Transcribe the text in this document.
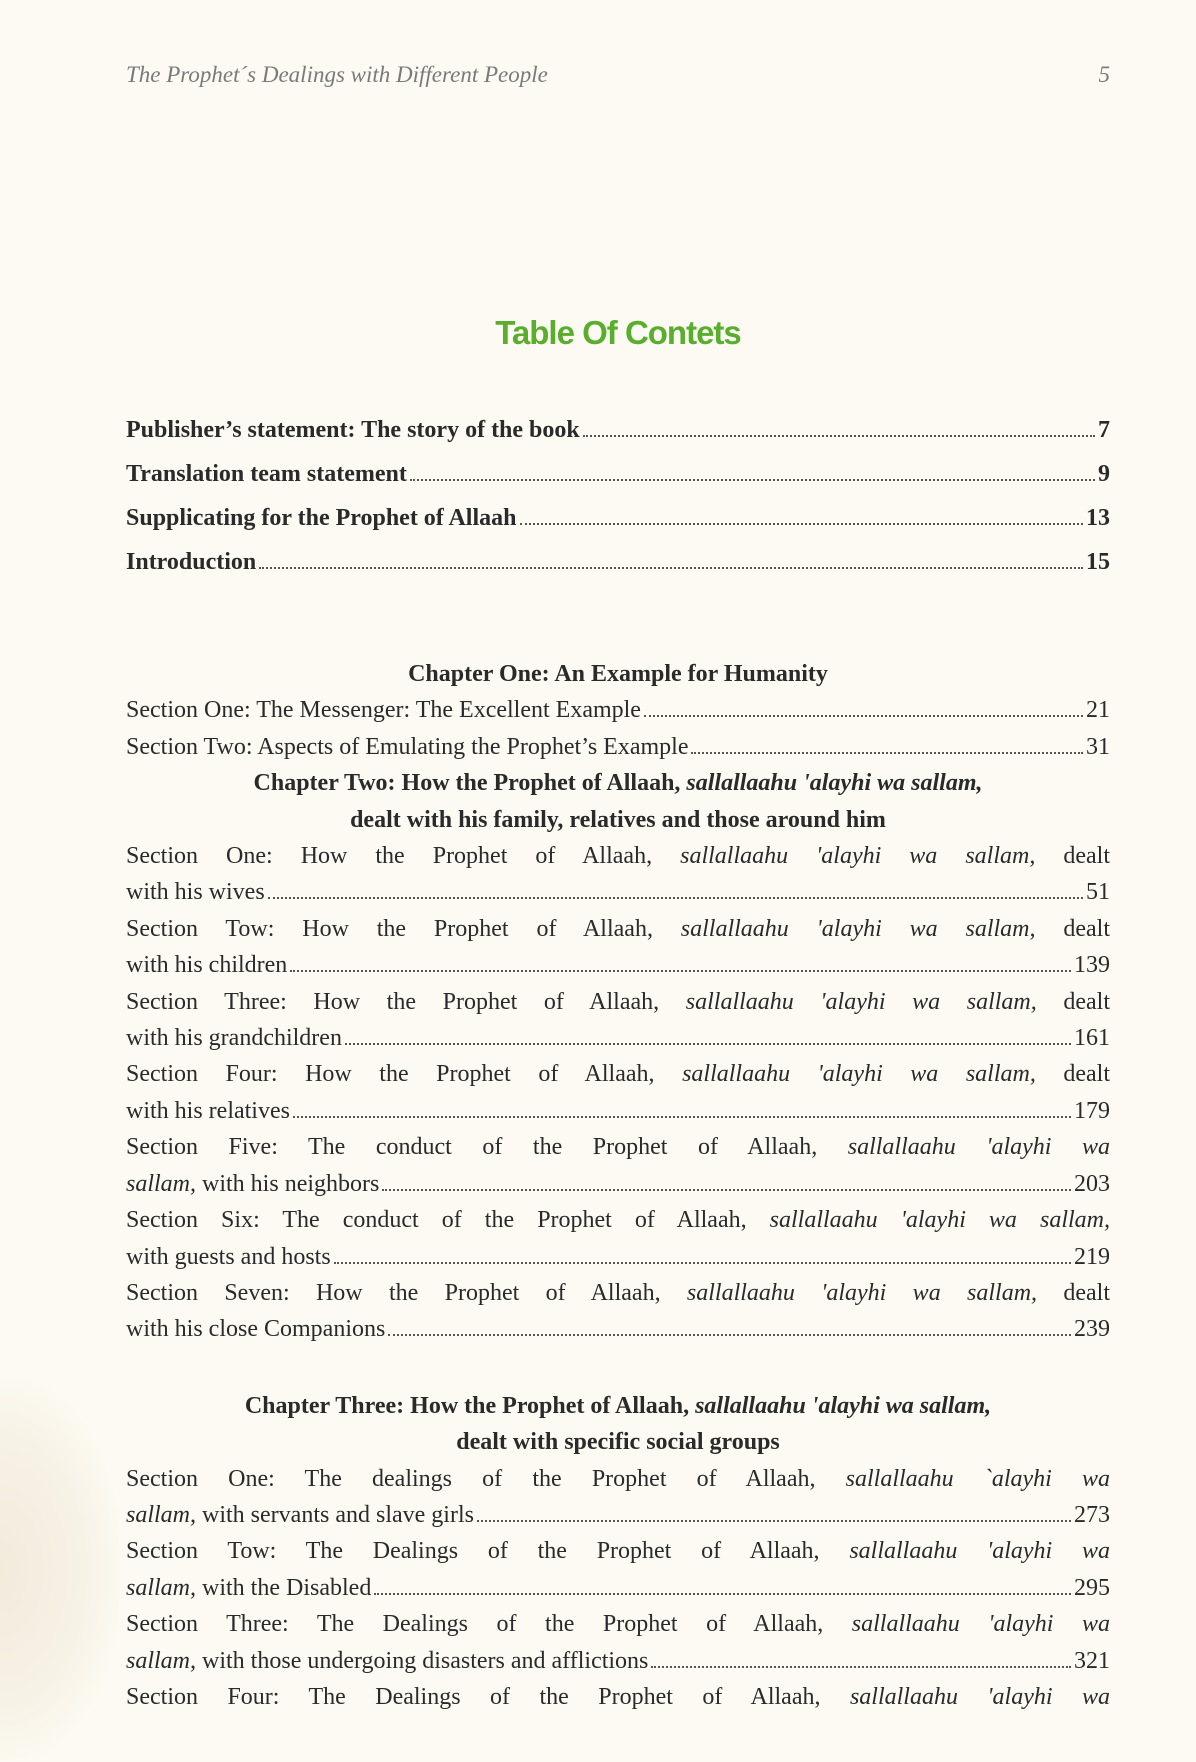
The Prophet´s Dealings with Different People	5
Table Of Contets
Publisher’s statement: The story of the book	7
Translation team statement	9
Supplicating for the Prophet of Allaah	13
Introduction	15
Chapter One: An Example for Humanity
Section One: The Messenger: The Excellent Example	21
Section Two: Aspects of Emulating the Prophet’s Example	31
Chapter Two: How the Prophet of Allaah, sallallaahu 'alayhi wa sallam,
dealt with his family, relatives and those around him
Section One: How the Prophet of Allaah, sallallaahu 'alayhi wa sallam, dealt
with his wives	51
Section Tow: How the Prophet of Allaah, sallallaahu 'alayhi wa sallam, dealt
with his children	139
Section Three: How the Prophet of Allaah, sallallaahu 'alayhi wa sallam, dealt
with his grandchildren	161
Section Four: How the Prophet of Allaah, sallallaahu 'alayhi wa sallam, dealt
with his relatives	179
Section Five: The conduct of the Prophet of Allaah, sallallaahu 'alayhi wa
sallam, with his neighbors	203
Section Six: The conduct of the Prophet of Allaah, sallallaahu 'alayhi wa sallam,
with guests and hosts	219
Section Seven: How the Prophet of Allaah, sallallaahu 'alayhi wa sallam, dealt
with his close Companions	239
Chapter Three: How the Prophet of Allaah, sallallaahu 'alayhi wa sallam,
dealt with specific social groups
Section One: The dealings of the Prophet of Allaah, sallallaahu `alayhi wa
sallam, with servants and slave girls	273
Section Tow: The Dealings of the Prophet of Allaah, sallallaahu 'alayhi wa
sallam, with the Disabled	295
Section Three: The Dealings of the Prophet of Allaah, sallallaahu 'alayhi wa
sallam, with those undergoing disasters and afflictions	321
Section Four: The Dealings of the Prophet of Allaah, sallallaahu 'alayhi wa
